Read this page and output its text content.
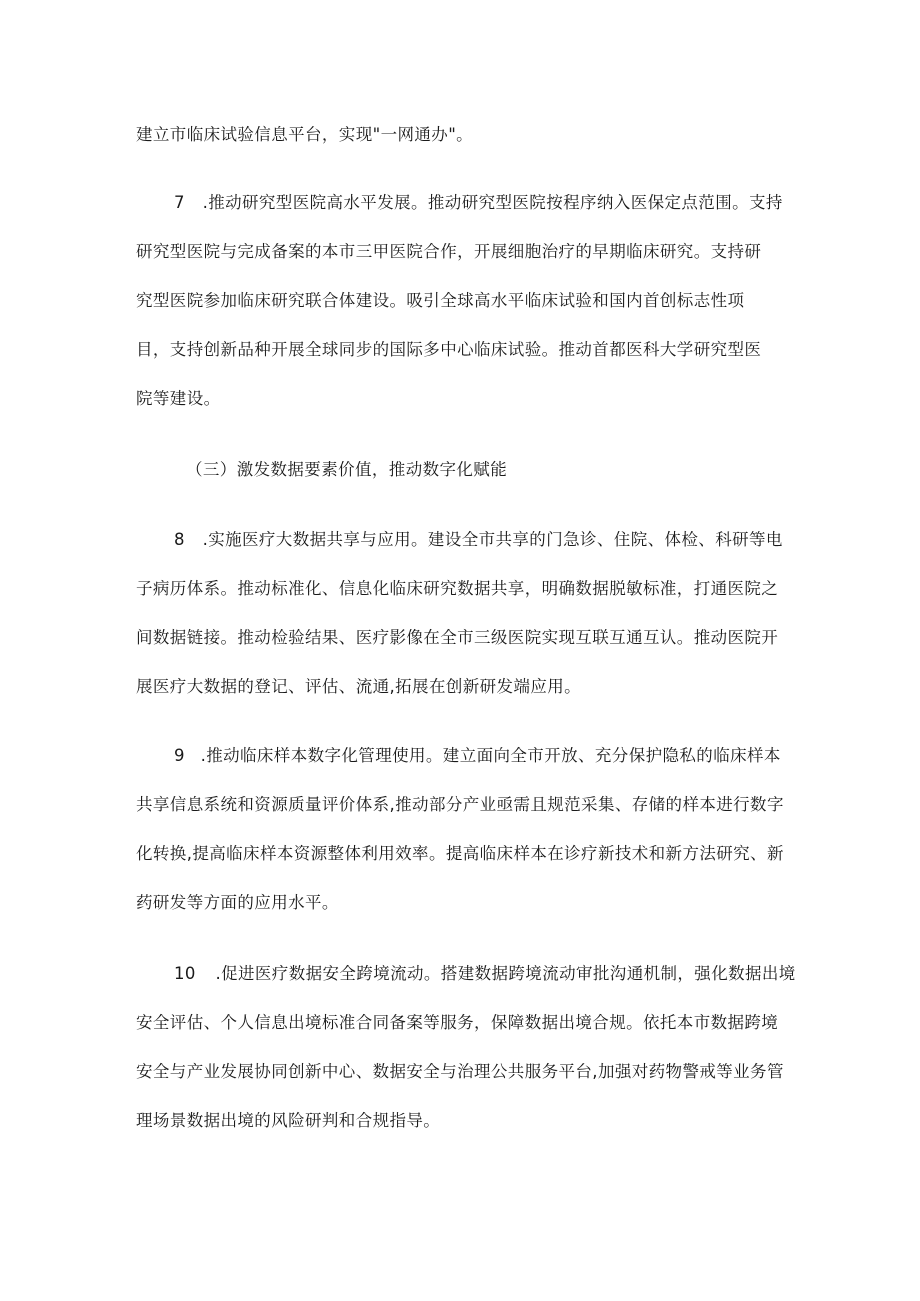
建立市临床试验信息平台，实现"一网通办"。
7 .推动研究型医院高水平发展。推动研究型医院按程序纳入医保定点范围。支持
研究型医院与完成备案的本市三甲医院合作，开展细胞治疗的早期临床研究。支持研
究型医院参加临床研究联合体建设。吸引全球高水平临床试验和国内首创标志性项
目，支持创新品种开展全球同步的国际多中心临床试验。推动首都医科大学研究型医
院等建设。
（三）激发数据要素价值，推动数字化赋能
8 .实施医疗大数据共享与应用。建设全市共享的门急诊、住院、体检、科研等电
子病历体系。推动标准化、信息化临床研究数据共享，明确数据脱敏标准，打通医院之
间数据链接。推动检验结果、医疗影像在全市三级医院实现互联互通互认。推动医院开
展医疗大数据的登记、评估、流通,拓展在创新研发端应用。
9 .推动临床样本数字化管理使用。建立面向全市开放、充分保护隐私的临床样本
共享信息系统和资源质量评价体系,推动部分产业亟需且规范采集、存储的样本进行数字
化转换,提高临床样本资源整体利用效率。提高临床样本在诊疗新技术和新方法研究、新
药研发等方面的应用水平。
10 .促进医疗数据安全跨境流动。搭建数据跨境流动审批沟通机制，强化数据出境
安全评估、个人信息出境标准合同备案等服务，保障数据出境合规。依托本市数据跨境
安全与产业发展协同创新中心、数据安全与治理公共服务平台,加强对药物警戒等业务管
理场景数据出境的风险研判和合规指导。
